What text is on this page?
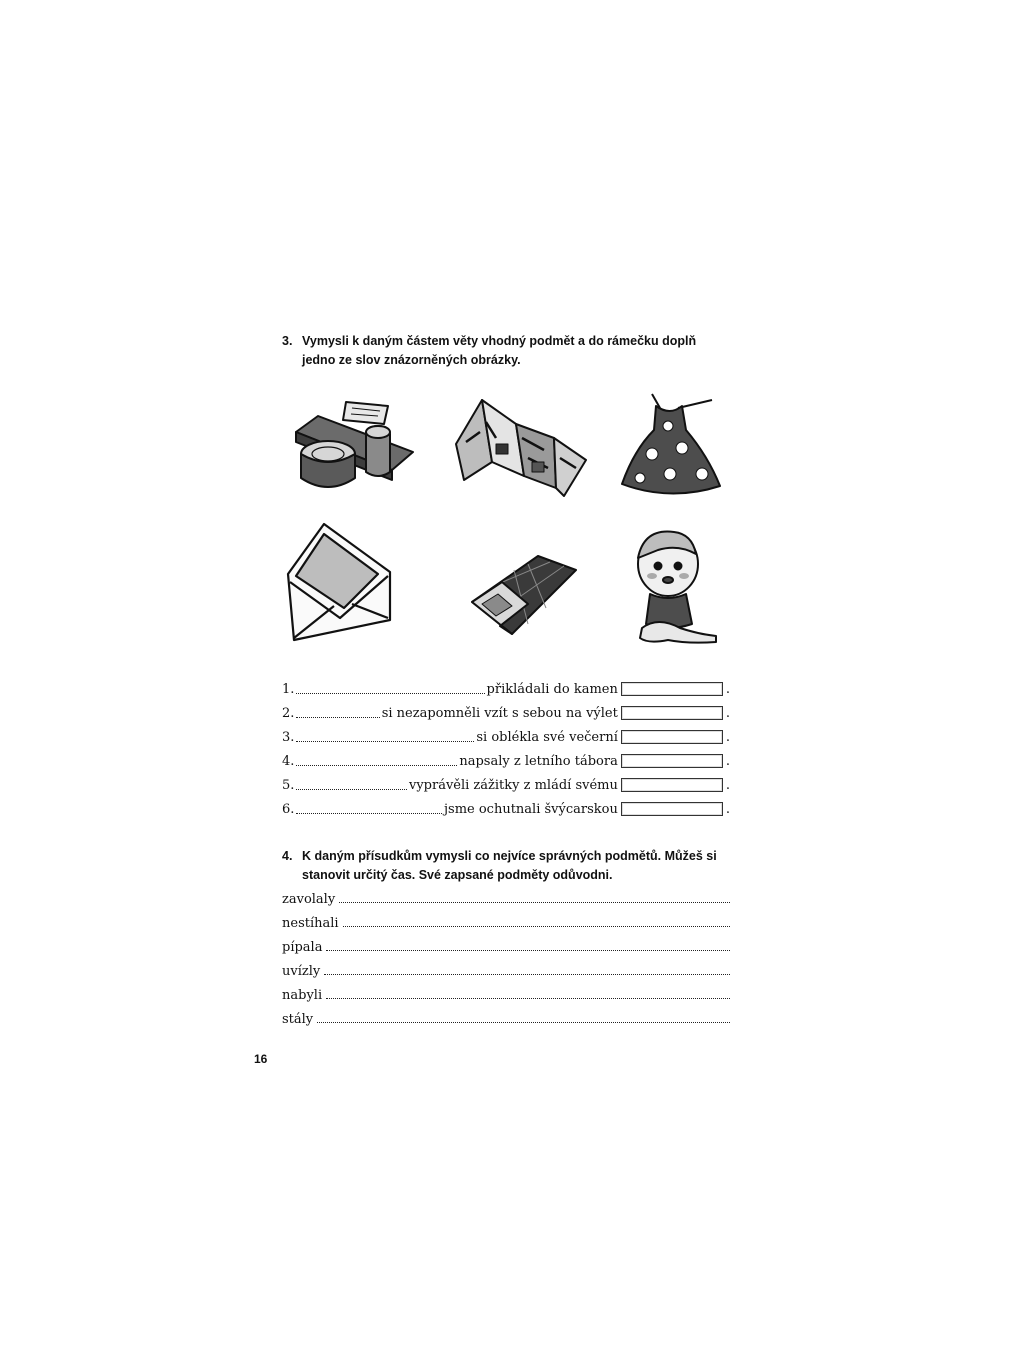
3. Vymysli k daným částem věty vhodný podmět a do rámečku doplň jedno ze slov znázorněných obrázky.
1.	přikládali do kamen	.
2.	si nezapomněli vzít s sebou na výlet	.
3.	si oblékla své večerní	.
4.	napsaly z letního tábora	.
5.	vyprávěli zážitky z mládí svému	.
6.	jsme ochutnali švýcarskou	.
4. K daným přísudkům vymysli co nejvíce správných podmětů. Můžeš si stanovit určitý čas. Své zapsané podměty odůvodni.
zavolaly
nestíhali
pípala
uvízly
nabyli
stály
16
